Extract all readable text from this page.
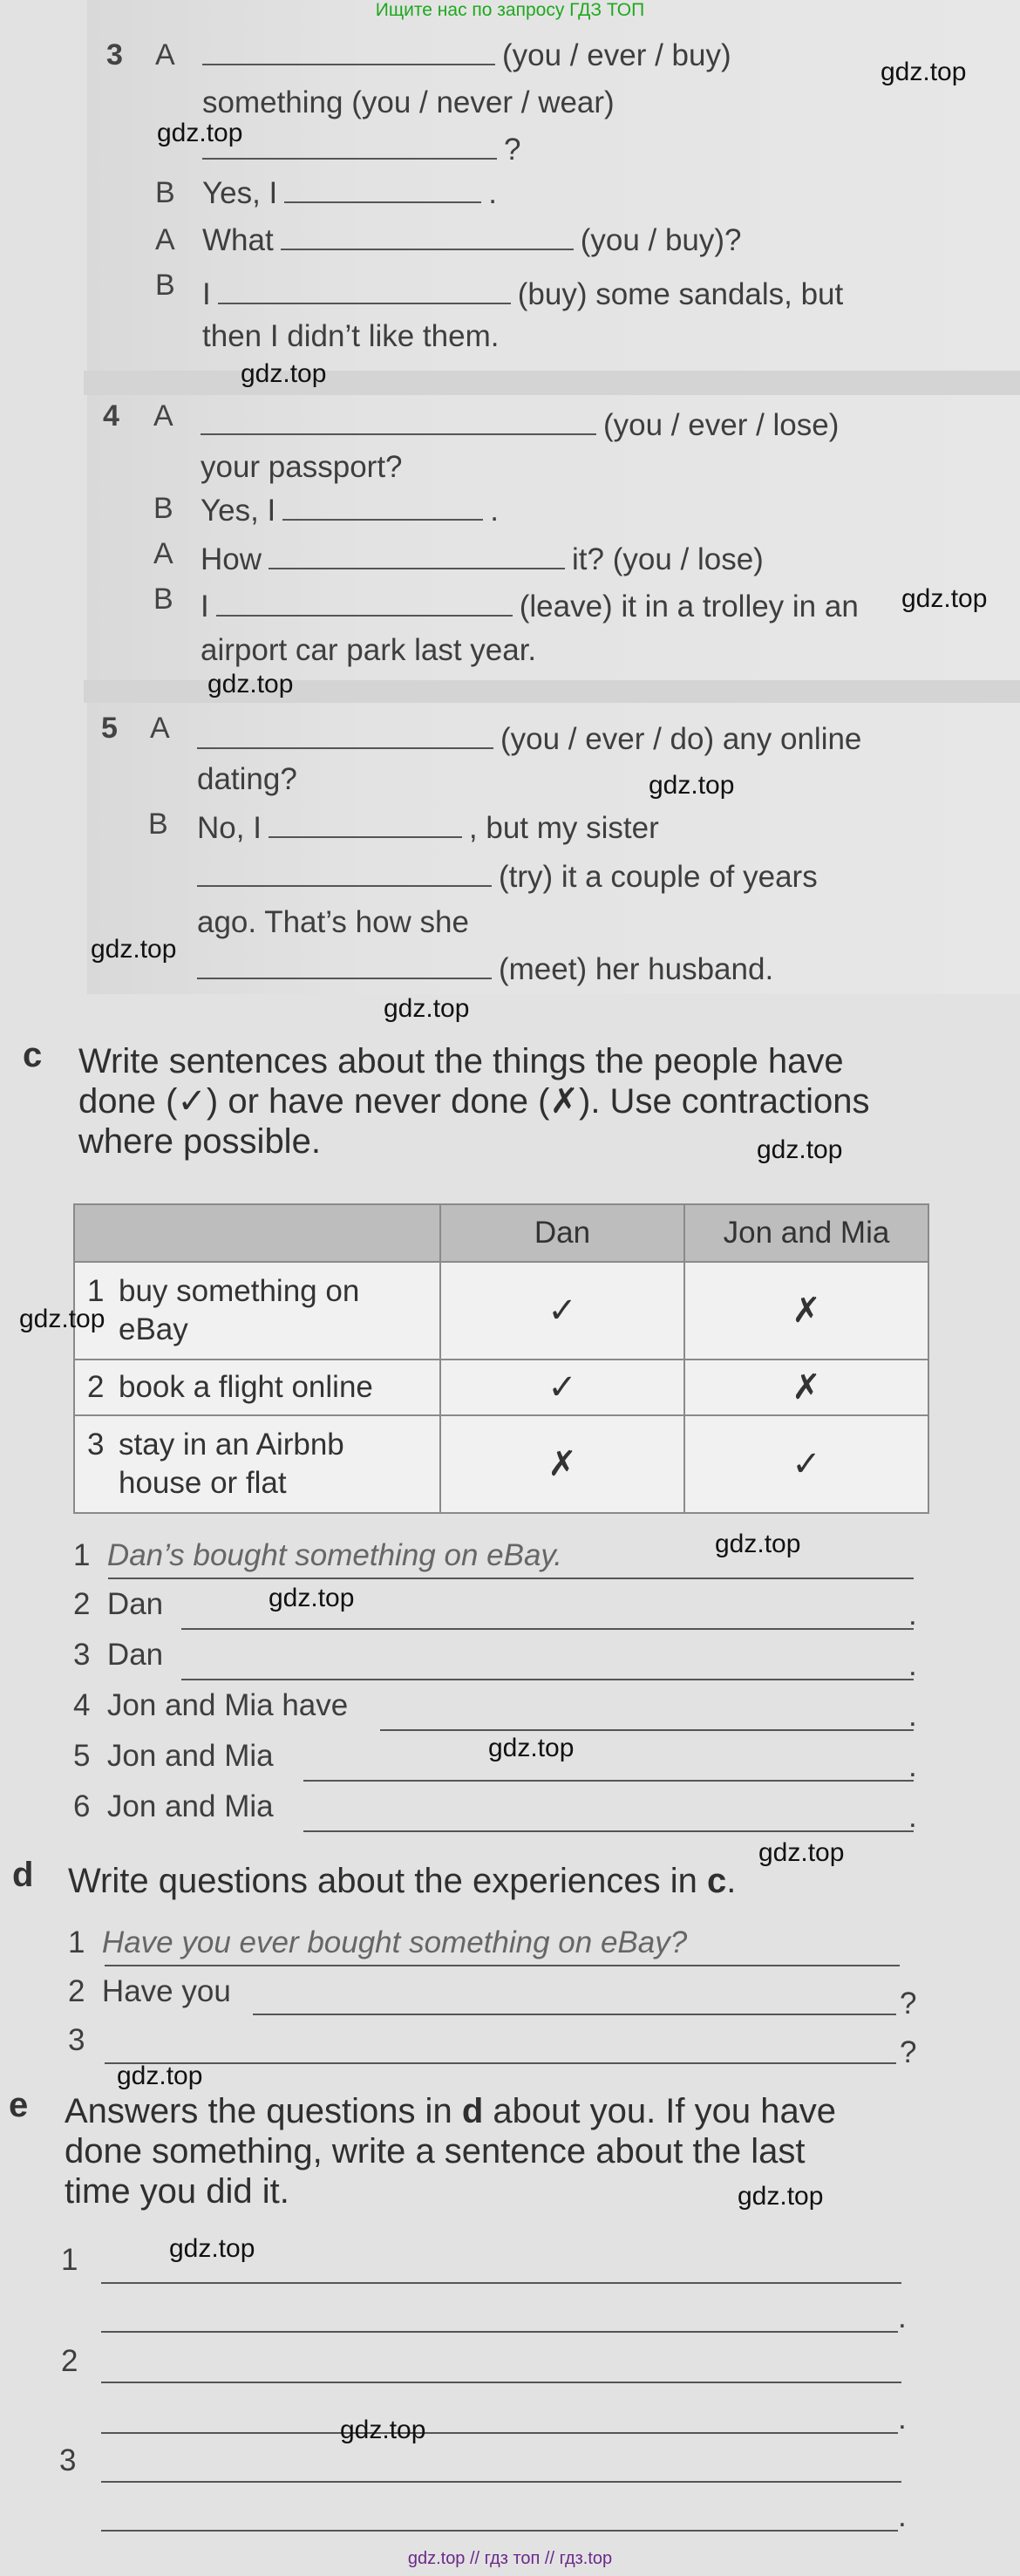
Ищите нас по запросу ГДЗ ТОП
3 A	(you / ever / buy)
something (you / never / wear)
?
B Yes, I	.
A What	(you / buy)?
B I	(buy) some sandals, but
then I didn’t like them.
4 A	(you / ever / lose)
your passport?
B Yes, I	.
A How	it? (you / lose)
B I	(leave) it in a trolley in an
airport car park last year.
5 A	(you / ever / do) any online
dating?
B No, I	, but my sister
(try) it a couple of years
ago. That’s how she
(meet) her husband.
c Write sentences about the things the people have
done (✓) or have never done (✗). Use contractions
where possible.
	Dan	Jon and Mia

1 buy something on
eBay	✓	✗

2 book a flight online	✓	✗

3 stay in an Airbnb
house or flat	✗	✓
1 Dan’s bought something on eBay.
2 Dan	.
3 Dan	.
4 Jon and Mia have	.
5 Jon and Mia	.
6 Jon and Mia	.
d Write questions about the experiences in c.
1 Have you ever bought something on eBay?
2 Have you	?
3	?
e Answers the questions in d about you. If you have
done something, write a sentence about the last
time you did it.
1
.
2
.
3
.
gdz.top
gdz.top
gdz.top
gdz.top
gdz.top
gdz.top
gdz.top
gdz.top
gdz.top
gdz.top
gdz.top
gdz.top
gdz.top
gdz.top
gdz.top
gdz.top
gdz.top
gdz.top
gdz.top // гдз топ // гдз.top
